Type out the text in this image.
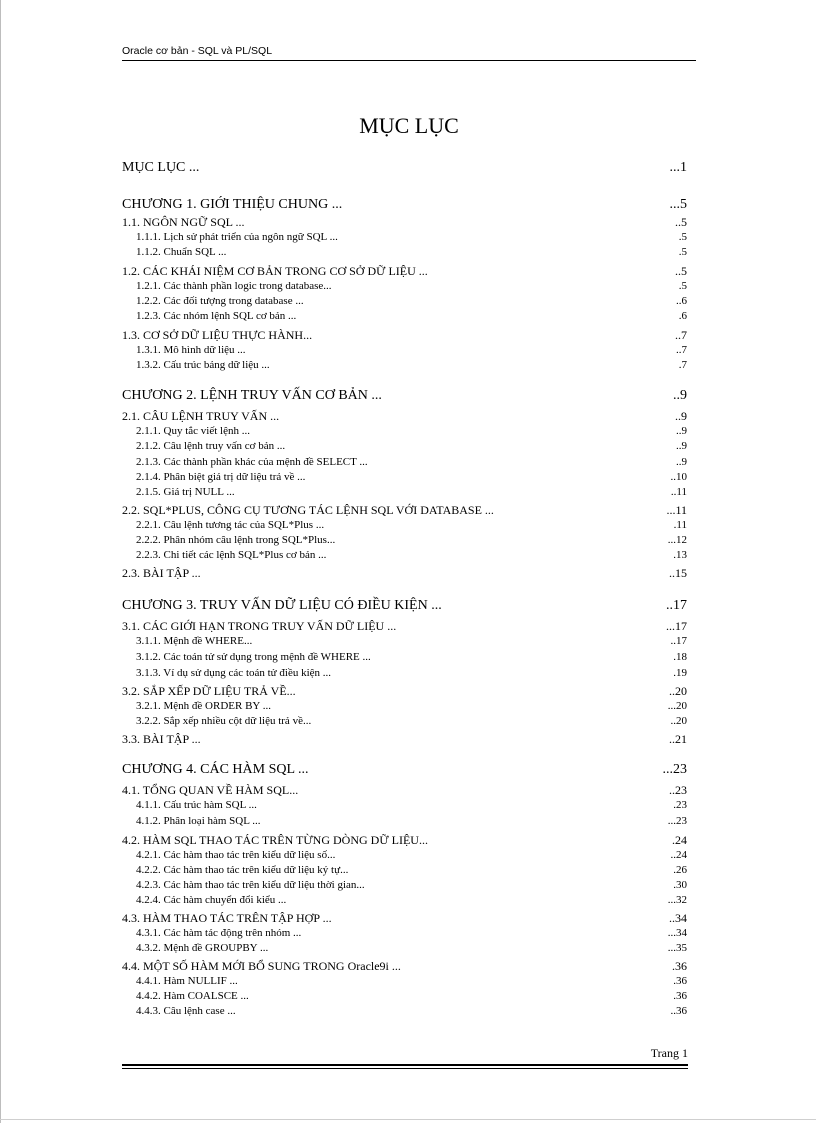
Oracle cơ bản - SQL và PL/SQL
MỤC LỤC
MỤC LỤC ...	...1
CHƯƠNG 1. GIỚI THIỆU CHUNG ...	...5
1.1. NGÔN NGỮ SQL ...	..5
1.1.1. Lịch sử phát triển của ngôn ngữ SQL ...	.5
1.1.2. Chuẩn SQL ...	.5
1.2. CÁC KHÁI NIỆM CƠ BẢN TRONG CƠ SỞ DỮ LIỆU ...	..5
1.2.1. Các thành phần logic trong database...	.5
1.2.2. Các đối tượng trong database ...	..6
1.2.3. Các nhóm lệnh SQL cơ bản ...	.6
1.3. CƠ SỞ DỮ LIỆU THỰC HÀNH...	..7
1.3.1. Mô hình dữ liệu ...	..7
1.3.2. Cấu trúc bảng dữ liệu ...	.7
CHƯƠNG 2. LỆNH TRUY VẤN CƠ BẢN ...	..9
2.1. CÂU LỆNH TRUY VẤN ...	..9
2.1.1. Quy tắc viết lệnh ...	..9
2.1.2. Câu lệnh truy vấn cơ bản ...	..9
2.1.3. Các thành phần khác của mệnh đề SELECT ...	..9
2.1.4. Phân biệt giá trị dữ liệu trả về ...	..10
2.1.5. Giá trị NULL ...	..11
2.2. SQL*PLUS, CÔNG CỤ TƯƠNG TÁC LỆNH SQL VỚI DATABASE ...	...11
2.2.1. Câu lệnh tương tác của SQL*Plus ...	.11
2.2.2. Phân nhóm câu lệnh trong SQL*Plus...	...12
2.2.3. Chi tiết các lệnh SQL*Plus cơ bản ...	.13
2.3. BÀI TẬP ...	..15
CHƯƠNG 3. TRUY VẤN DỮ LIỆU CÓ ĐIỀU KIỆN ...	..17
3.1. CÁC GIỚI HẠN TRONG TRUY VẤN DỮ LIỆU ...	...17
3.1.1. Mệnh đề WHERE...	..17
3.1.2. Các toán tử sử dụng trong mệnh đề WHERE ...	.18
3.1.3. Ví dụ sử dụng các toán tử điều kiện ...	.19
3.2. SẮP XẾP DỮ LIỆU TRẢ VỀ...	..20
3.2.1. Mệnh đề ORDER BY ...	...20
3.2.2. Sắp xếp nhiều cột dữ liệu trả về...	..20
3.3. BÀI TẬP ...	..21
CHƯƠNG 4. CÁC HÀM SQL ...	...23
4.1. TỔNG QUAN VỀ HÀM SQL...	..23
4.1.1. Cấu trúc hàm SQL ...	.23
4.1.2. Phân loại hàm SQL ...	...23
4.2. HÀM SQL THAO TÁC TRÊN TỪNG DÒNG DỮ LIỆU...	.24
4.2.1. Các hàm thao tác trên kiểu dữ liệu số...	..24
4.2.2. Các hàm thao tác trên kiểu dữ liệu ký tự...	.26
4.2.3. Các hàm thao tác trên kiểu dữ liệu thời gian...	.30
4.2.4. Các hàm chuyển đổi kiểu ...	...32
4.3. HÀM THAO TÁC TRÊN TẬP HỢP ...	..34
4.3.1. Các hàm tác động trên nhóm ...	...34
4.3.2. Mệnh đề GROUPBY ...	...35
4.4. MỘT SỐ HÀM MỚI BỔ SUNG TRONG Oracle9i ...	.36
4.4.1. Hàm NULLIF ...	.36
4.4.2. Hàm COALSCE ...	.36
4.4.3. Câu lệnh case ...	..36
Trang 1
